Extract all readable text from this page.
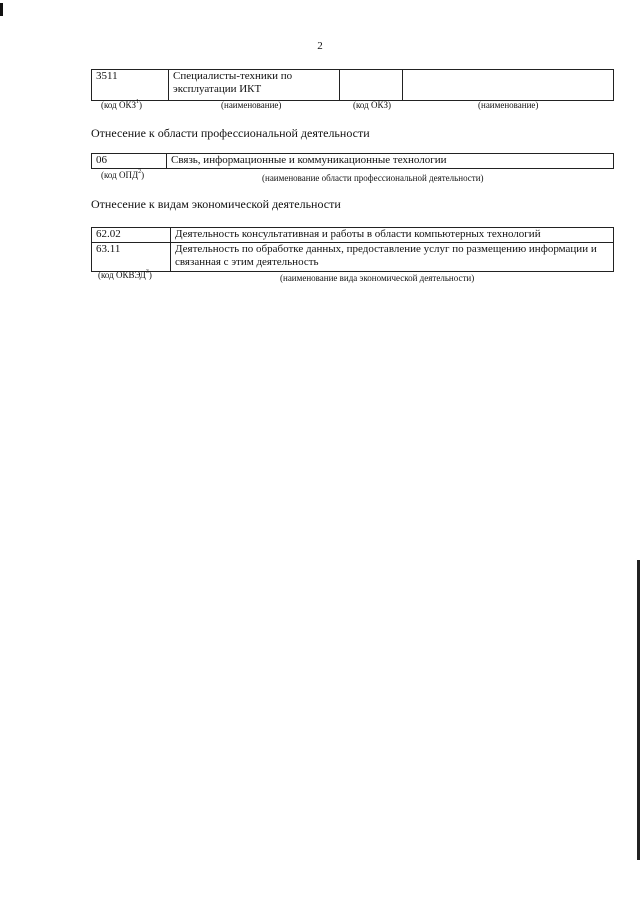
2
3511	Специалисты-техники по эксплуатации ИКТ		
(код ОКЗ$^1$)	(наименование)	(код ОКЗ)	(наименование)
Отнесение к области профессиональной деятельности
06	Связь, информационные и коммуникационные технологии
(код ОПД$^2$)	(наименование области профессиональной деятельности)
Отнесение к видам экономической деятельности
62.02	Деятельность консультативная и работы в области компьютерных технологий
63.11	Деятельность по обработке данных, предоставление услуг по размещению информации и связанная с этим деятельность
(код ОКВЭД$^3$)	(наименование вида экономической деятельности)
